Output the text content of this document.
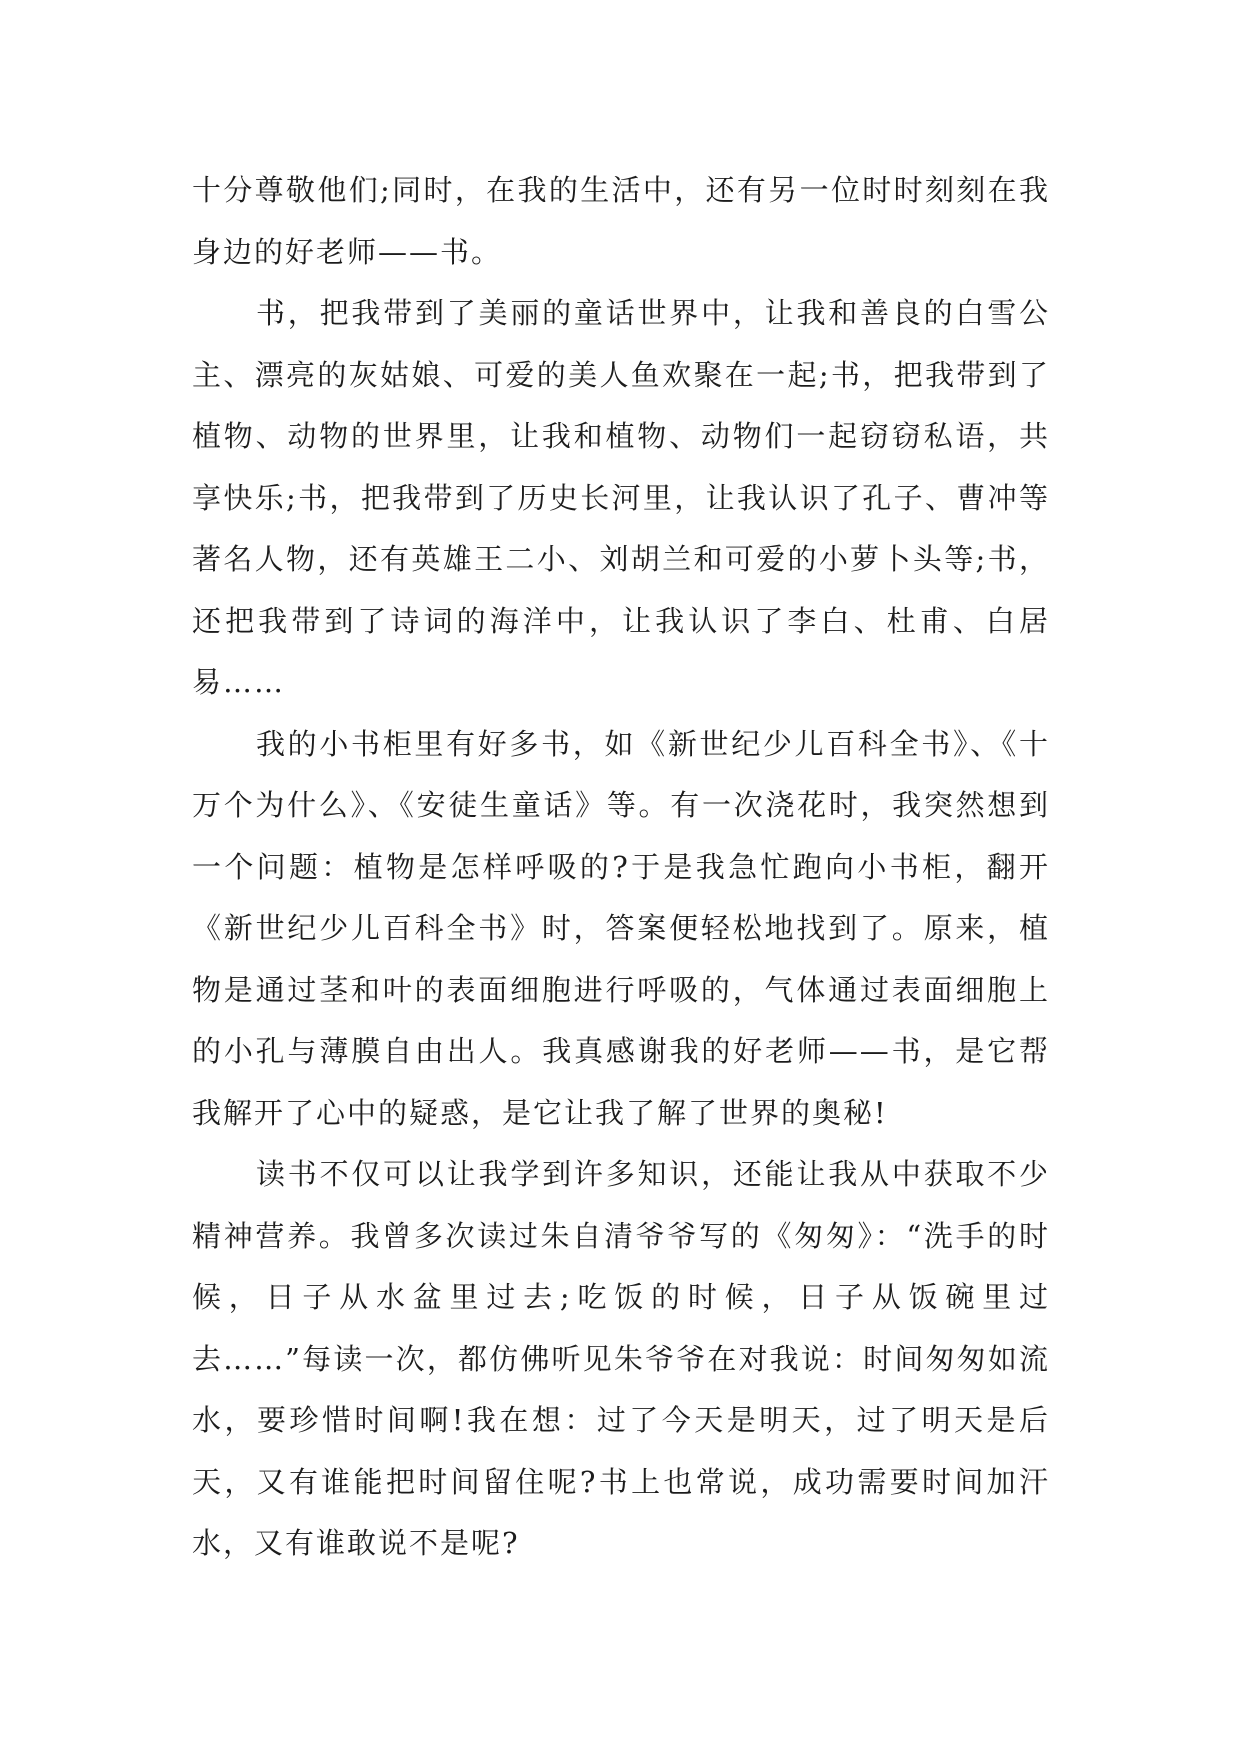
十分尊敬他们;同时，在我的生活中，还有另一位时时刻刻在我身边的好老师——书。

书，把我带到了美丽的童话世界中，让我和善良的白雪公主、漂亮的灰姑娘、可爱的美人鱼欢聚在一起;书，把我带到了植物、动物的世界里，让我和植物、动物们一起窃窃私语，共享快乐;书，把我带到了历史长河里，让我认识了孔子、曹冲等著名人物，还有英雄王二小、刘胡兰和可爱的小萝卜头等;书，还把我带到了诗词的海洋中，让我认识了李白、杜甫、白居易……

我的小书柜里有好多书，如《新世纪少儿百科全书》、《十万个为什么》、《安徒生童话》等。有一次浇花时，我突然想到一个问题：植物是怎样呼吸的?于是我急忙跑向小书柜，翻开《新世纪少儿百科全书》时，答案便轻松地找到了。原来，植物是通过茎和叶的表面细胞进行呼吸的，气体通过表面细胞上的小孔与薄膜自由出人。我真感谢我的好老师——书，是它帮我解开了心中的疑惑，是它让我了解了世界的奥秘!

读书不仅可以让我学到许多知识，还能让我从中获取不少精神营养。我曾多次读过朱自清爷爷写的《匆匆》：“洗手的时候，日子从水盆里过去;吃饭的时候，日子从饭碗里过去……”每读一次，都仿佛听见朱爷爷在对我说：时间匆匆如流水，要珍惜时间啊!我在想：过了今天是明天，过了明天是后天，又有谁能把时间留住呢?书上也常说，成功需要时间加汗水，又有谁敢说不是呢?
